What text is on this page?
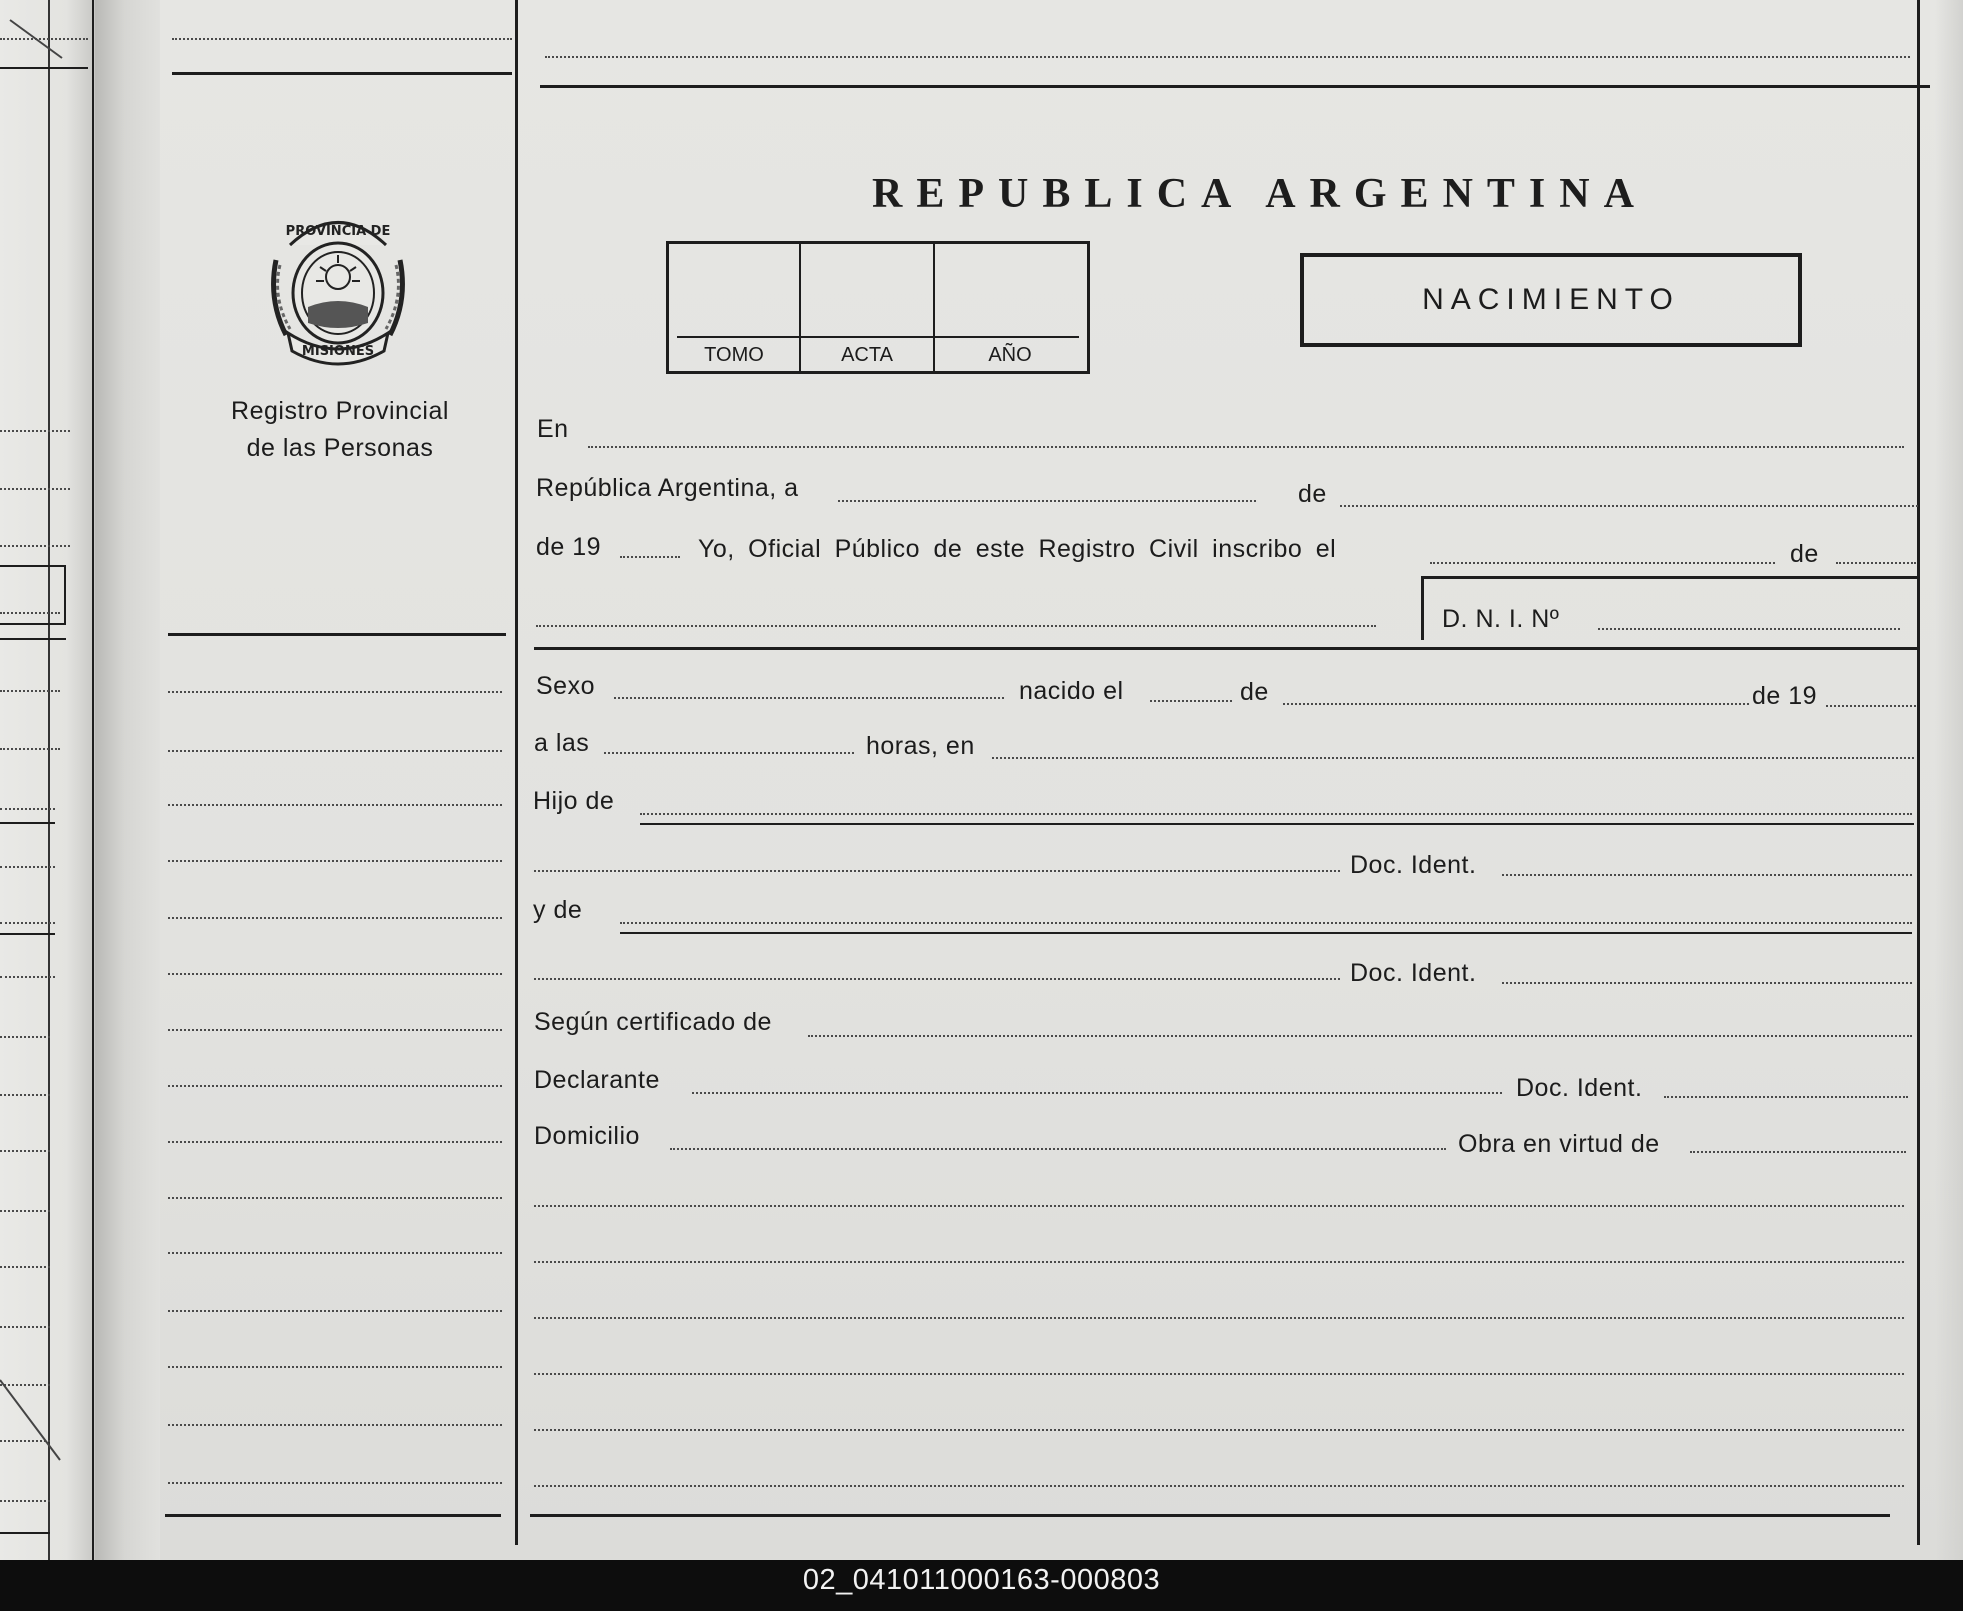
PROVINCIA DE
MISIONES
Registro Provincial
de las Personas
REPUBLICA ARGENTINA
TOMO	ACTA	AÑO
NACIMIENTO
En
República Argentina, a	de
de 19	Yo, Oficial Público de este Registro Civil inscribo el	de
D. N. I. Nº
Sexo	nacido el	de	de 19
a las	horas, en
Hijo de
Doc. Ident.
y de
Doc. Ident.
Según certificado de
Declarante	Doc. Ident.
Domicilio	Obra en virtud de
02_041011000163-000803
